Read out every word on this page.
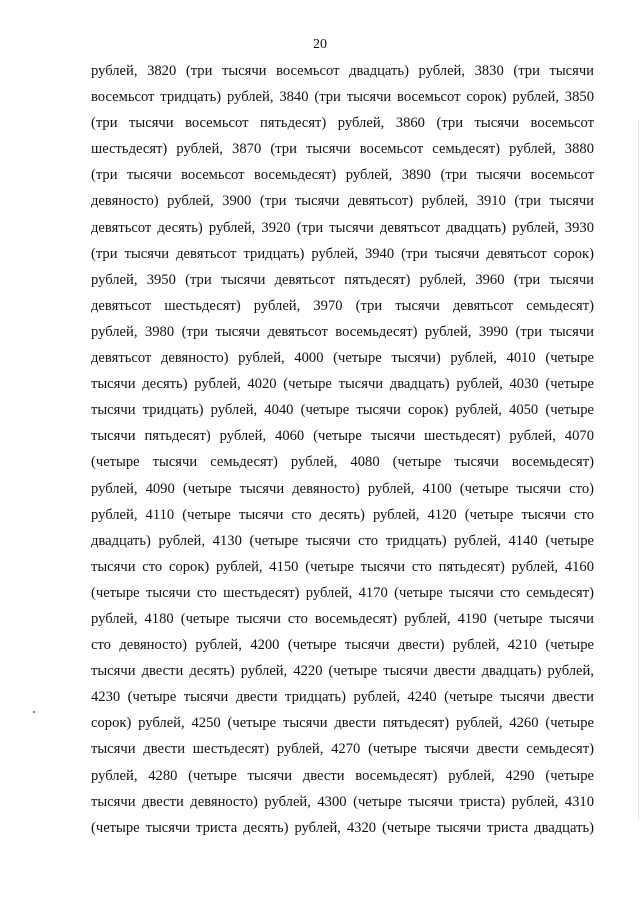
20
рублей, 3820 (три тысячи восемьсот двадцать) рублей, 3830 (три тысячи
восемьсот тридцать) рублей, 3840 (три тысячи восемьсот сорок) рублей, 3850
(три тысячи восемьсот пятьдесят) рублей, 3860 (три тысячи восемьсот
шестьдесят) рублей, 3870 (три тысячи восемьсот семьдесят) рублей, 3880
(три тысячи восемьсот восемьдесят) рублей, 3890 (три тысячи восемьсот
девяносто) рублей, 3900 (три тысячи девятьсот) рублей, 3910 (три тысячи
девятьсот десять) рублей, 3920 (три тысячи девятьсот двадцать) рублей, 3930
(три тысячи девятьсот тридцать) рублей, 3940 (три тысячи девятьсот сорок)
рублей, 3950 (три тысячи девятьсот пятьдесят) рублей, 3960 (три тысячи
девятьсот шестьдесят) рублей, 3970 (три тысячи девятьсот семьдесят)
рублей, 3980 (три тысячи девятьсот восемьдесят) рублей, 3990 (три тысячи
девятьсот девяносто) рублей, 4000 (четыре тысячи) рублей, 4010 (четыре
тысячи десять) рублей, 4020 (четыре тысячи двадцать) рублей, 4030 (четыре
тысячи тридцать) рублей, 4040 (четыре тысячи сорок) рублей, 4050 (четыре
тысячи пятьдесят) рублей, 4060 (четыре тысячи шестьдесят) рублей, 4070
(четыре тысячи семьдесят) рублей, 4080 (четыре тысячи восемьдесят)
рублей, 4090 (четыре тысячи девяносто) рублей, 4100 (четыре тысячи сто)
рублей, 4110 (четыре тысячи сто десять) рублей, 4120 (четыре тысячи сто
двадцать) рублей, 4130 (четыре тысячи сто тридцать) рублей, 4140 (четыре
тысячи сто сорок) рублей, 4150 (четыре тысячи сто пятьдесят) рублей, 4160
(четыре тысячи сто шестьдесят) рублей, 4170 (четыре тысячи сто семьдесят)
рублей, 4180 (четыре тысячи сто восемьдесят) рублей, 4190 (четыре тысячи
сто девяносто) рублей, 4200 (четыре тысячи двести) рублей, 4210 (четыре
тысячи двести десять) рублей, 4220 (четыре тысячи двести двадцать) рублей,
4230 (четыре тысячи двести тридцать) рублей, 4240 (четыре тысячи двести
сорок) рублей, 4250 (четыре тысячи двести пятьдесят) рублей, 4260 (четыре
тысячи двести шестьдесят) рублей, 4270 (четыре тысячи двести семьдесят)
рублей, 4280 (четыре тысячи двести восемьдесят) рублей, 4290 (четыре
тысячи двести девяносто) рублей, 4300 (четыре тысячи триста) рублей, 4310
(четыре тысячи триста десять) рублей, 4320 (четыре тысячи триста двадцать)
